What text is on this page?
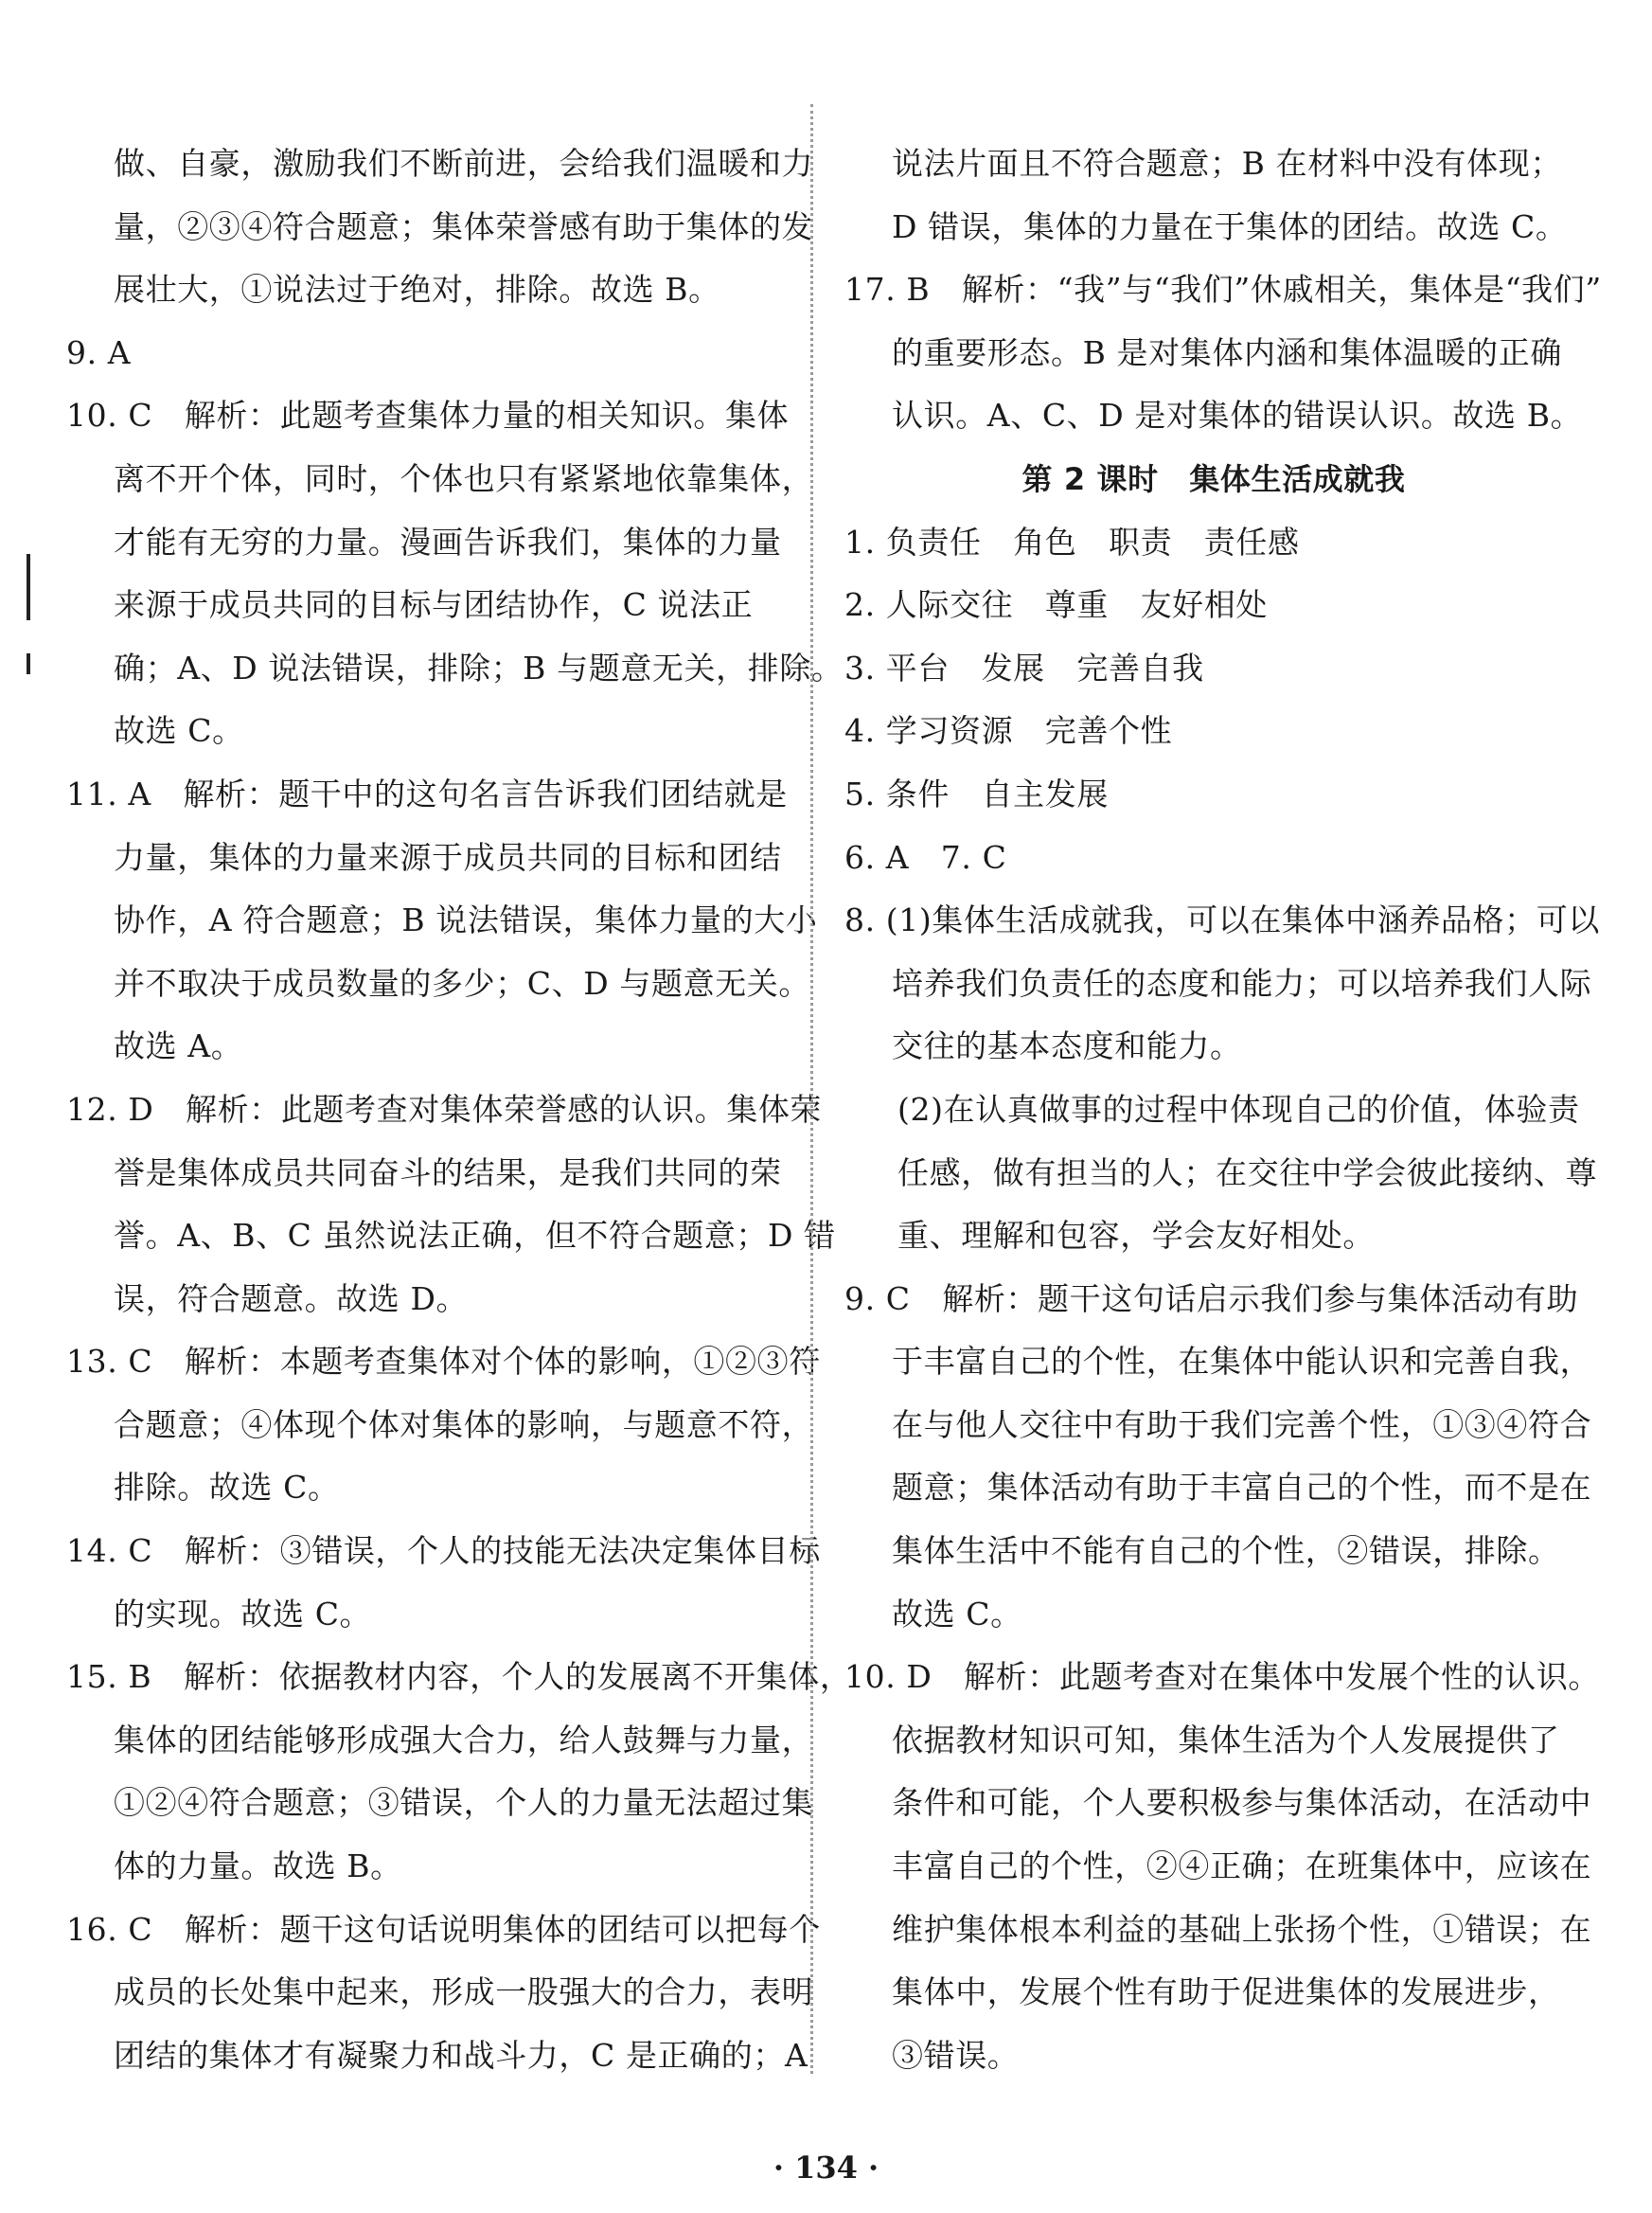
做、自豪，激励我们不断前进，会给我们温暖和力
量，②③④符合题意；集体荣誉感有助于集体的发
展壮大，①说法过于绝对，排除。故选 B。
9. A
10. C　解析：此题考查集体力量的相关知识。集体
离不开个体，同时，个体也只有紧紧地依靠集体，
才能有无穷的力量。漫画告诉我们，集体的力量
来源于成员共同的目标与团结协作，C 说法正
确；A、D 说法错误，排除；B 与题意无关，排除。
故选 C。
11. A　解析：题干中的这句名言告诉我们团结就是
力量，集体的力量来源于成员共同的目标和团结
协作，A 符合题意；B 说法错误，集体力量的大小
并不取决于成员数量的多少；C、D 与题意无关。
故选 A。
12. D　解析：此题考查对集体荣誉感的认识。集体荣
誉是集体成员共同奋斗的结果，是我们共同的荣
誉。A、B、C 虽然说法正确，但不符合题意；D 错
误，符合题意。故选 D。
13. C　解析：本题考查集体对个体的影响，①②③符
合题意；④体现个体对集体的影响，与题意不符，
排除。故选 C。
14. C　解析：③错误，个人的技能无法决定集体目标
的实现。故选 C。
15. B　解析：依据教材内容，个人的发展离不开集体，
集体的团结能够形成强大合力，给人鼓舞与力量，
①②④符合题意；③错误，个人的力量无法超过集
体的力量。故选 B。
16. C　解析：题干这句话说明集体的团结可以把每个
成员的长处集中起来，形成一股强大的合力，表明
团结的集体才有凝聚力和战斗力，C 是正确的；A
说法片面且不符合题意；B 在材料中没有体现；
D 错误，集体的力量在于集体的团结。故选 C。
17. B　解析：“我”与“我们”休戚相关，集体是“我们”
的重要形态。B 是对集体内涵和集体温暖的正确
认识。A、C、D 是对集体的错误认识。故选 B。
第 2 课时　集体生活成就我
1. 负责任　角色　职责　责任感
2. 人际交往　尊重　友好相处
3. 平台　发展　完善自我
4. 学习资源　完善个性
5. 条件　自主发展
6. A　7. C
8. (1)集体生活成就我，可以在集体中涵养品格；可以
培养我们负责任的态度和能力；可以培养我们人际
交往的基本态度和能力。
(2)在认真做事的过程中体现自己的价值，体验责
任感，做有担当的人；在交往中学会彼此接纳、尊
重、理解和包容，学会友好相处。
9. C　解析：题干这句话启示我们参与集体活动有助
于丰富自己的个性，在集体中能认识和完善自我，
在与他人交往中有助于我们完善个性，①③④符合
题意；集体活动有助于丰富自己的个性，而不是在
集体生活中不能有自己的个性，②错误，排除。
故选 C。
10. D　解析：此题考查对在集体中发展个性的认识。
依据教材知识可知，集体生活为个人发展提供了
条件和可能，个人要积极参与集体活动，在活动中
丰富自己的个性，②④正确；在班集体中，应该在
维护集体根本利益的基础上张扬个性，①错误；在
集体中，发展个性有助于促进集体的发展进步，
③错误。
· 134 ·
